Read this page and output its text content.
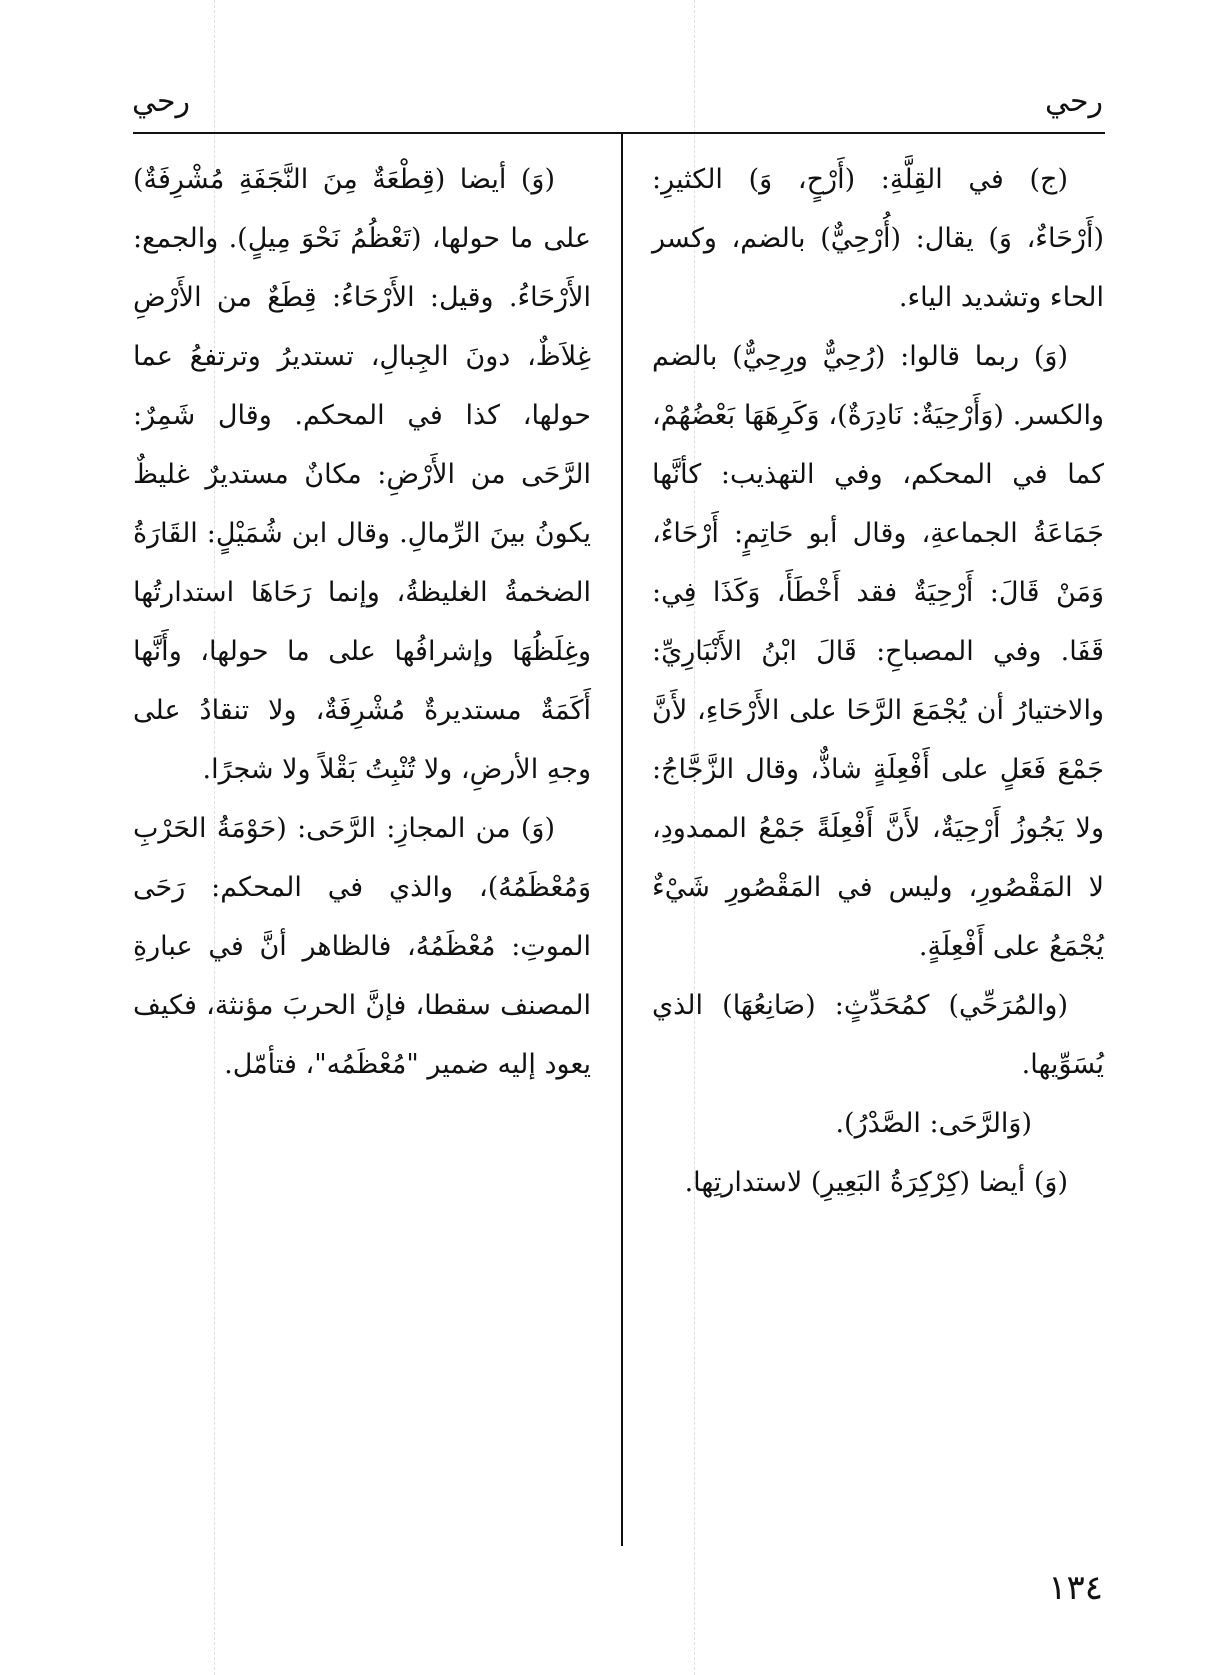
رحي
رحي

(ج) في القِلَّةِ: (أَرْحٍ، وَ) الكثيرِ: (أَرْحَاءٌ، وَ) يقال: (أُرْحِيٌّ) بالضم، وكسر الحاء وتشديد الياء.

(وَ) ربما قالوا: (رُحِيٌّ ورِحِيٌّ) بالضم والكسر. (وَأَرْحِيَةٌ: نَادِرَةٌ)، وَكَرِهَهَا بَعْضُهُمْ، كما في المحكم، وفي التهذيب: كأنَّها جَمَاعَةُ الجماعةِ، وقال أبو حَاتِمٍ: أَرْحَاءٌ، وَمَنْ قَالَ: أَرْحِيَةٌ فقد أَخْطَأَ، وَكَذَا فِي: قَفَا. وفي المصباحِ: قَالَ ابْنُ الأَنْبَارِيِّ: والاختيارُ أن يُجْمَعَ الرَّحَا على الأَرْحَاءِ، لأَنَّ جَمْعَ فَعَلٍ على أَفْعِلَةٍ شاذٌّ، وقال الزَّجَّاجُ: ولا يَجُوزُ أَرْحِيَةٌ، لأَنَّ أَفْعِلَةً جَمْعُ الممدودِ، لا المَقْصُورِ، وليس في المَقْصُورِ شَيْءٌ يُجْمَعُ على أَفْعِلَةٍ.

(والمُرَحِّي) كمُحَدِّثٍ: (صَانِعُهَا) الذي يُسَوِّيها.

(وَالرَّحَى: الصَّدْرُ).

(وَ) أيضا (كِرْكِرَةُ البَعِيرِ) لاستدارتِها.

(وَ) أيضا (قِطْعَةٌ مِنَ النَّجَفَةِ مُشْرِفَةٌ) على ما حولها، (تَعْظُمُ نَحْوَ مِيلٍ). والجمع: الأَرْحَاءُ. وقيل: الأَرْحَاءُ: قِطَعٌ من الأَرْضِ غِلاَظٌ، دونَ الجِبالِ، تستديرُ وترتفعُ عما حولها، كذا في المحكم. وقال شَمِرٌ: الرَّحَى من الأَرْضِ: مكانٌ مستديرٌ غليظٌ يكونُ بينَ الرِّمالِ. وقال ابن شُمَيْلٍ: القَارَةُ الضخمةُ الغليظةُ، وإنما رَحَاهَا استدارتُها وغِلَظُهَا وإشرافُها على ما حولها، وأَنَّها أَكَمَةٌ مستديرةٌ مُشْرِفَةٌ، ولا تنقادُ على وجهِ الأرضِ، ولا تُنْبِتُ بَقْلاً ولا شجرًا.

(وَ) من المجازِ: الرَّحَى: (حَوْمَةُ الحَرْبِ وَمُعْظَمُهُ)، والذي في المحكم: رَحَى الموتِ: مُعْظَمُهُ، فالظاهر أنَّ في عبارةِ المصنف سقطا، فإنَّ الحربَ مؤنثة، فكيف يعود إليه ضمير "مُعْظَمُه"، فتأمّل.

١٣٤
